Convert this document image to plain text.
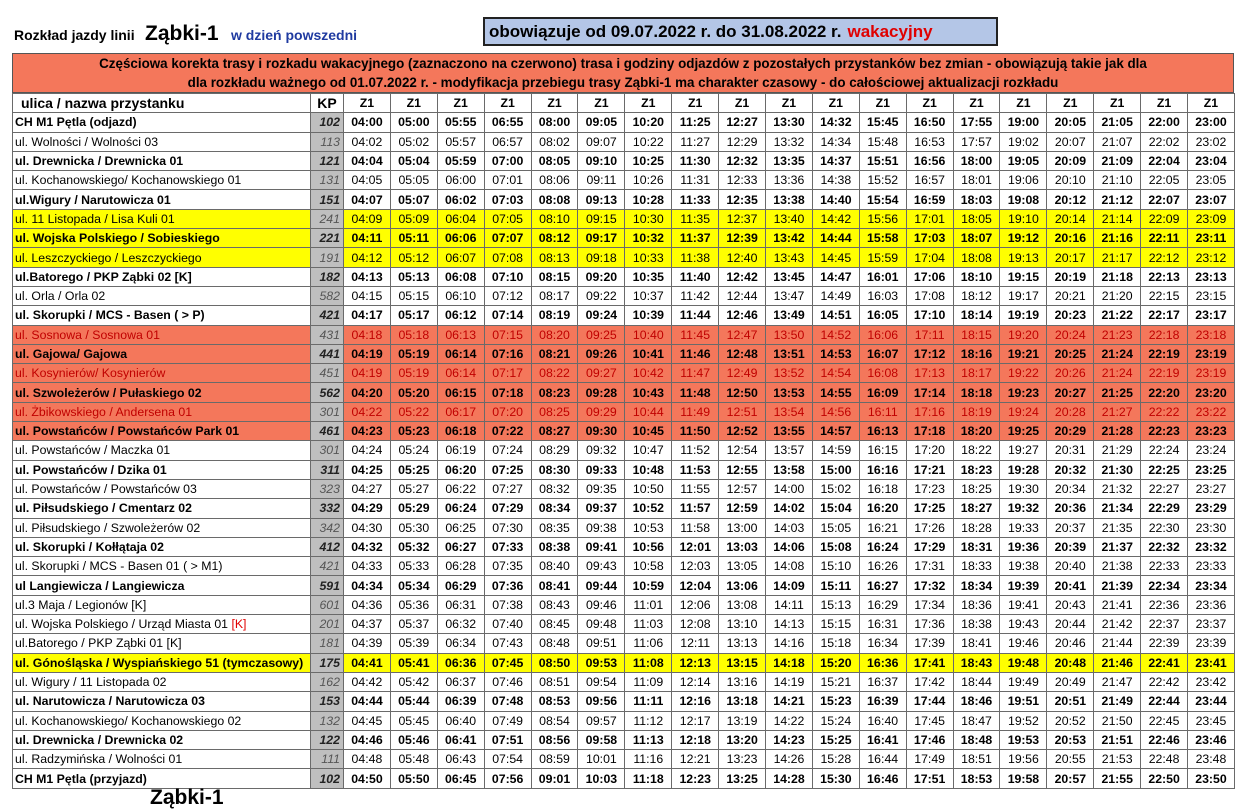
Rozkład jazdy linii Ząbki-1 w dzień powszedni	obowiązuje od 09.07.2022 r. do 31.08.2022 r. wakacyjny
Częściowa korekta trasy i rozkadu wakacyjnego (zaznaczono na czerwono) trasa i godziny odjazdów z pozostałych przystanków bez zmian - obowiązują takie jak dla
dla rozkładu ważnego od 01.07.2022 r. - modyfikacja przebiegu trasy Ząbki-1 ma charakter czasowy - do całościowej aktualizacji rozkładu
ulica / nazwa przystanku	KP	Z1	Z1	Z1	Z1	Z1	Z1	Z1	Z1	Z1	Z1	Z1	Z1	Z1	Z1	Z1	Z1	Z1	Z1	Z1
CH M1 Pętla (odjazd)	102	04:00	05:00	05:55	06:55	08:00	09:05	10:20	11:25	12:27	13:30	14:32	15:45	16:50	17:55	19:00	20:05	21:05	22:00	23:00
ul. Wolności / Wolności 03	113	04:02	05:02	05:57	06:57	08:02	09:07	10:22	11:27	12:29	13:32	14:34	15:48	16:53	17:57	19:02	20:07	21:07	22:02	23:02
ul. Drewnicka / Drewnicka 01	121	04:04	05:04	05:59	07:00	08:05	09:10	10:25	11:30	12:32	13:35	14:37	15:51	16:56	18:00	19:05	20:09	21:09	22:04	23:04
ul. Kochanowskiego/ Kochanowskiego 01	131	04:05	05:05	06:00	07:01	08:06	09:11	10:26	11:31	12:33	13:36	14:38	15:52	16:57	18:01	19:06	20:10	21:10	22:05	23:05
ul.Wigury / Narutowicza 01	151	04:07	05:07	06:02	07:03	08:08	09:13	10:28	11:33	12:35	13:38	14:40	15:54	16:59	18:03	19:08	20:12	21:12	22:07	23:07
ul. 11 Listopada / Lisa Kuli 01	241	04:09	05:09	06:04	07:05	08:10	09:15	10:30	11:35	12:37	13:40	14:42	15:56	17:01	18:05	19:10	20:14	21:14	22:09	23:09
ul. Wojska Polskiego / Sobieskiego	221	04:11	05:11	06:06	07:07	08:12	09:17	10:32	11:37	12:39	13:42	14:44	15:58	17:03	18:07	19:12	20:16	21:16	22:11	23:11
ul. Leszczyckiego / Leszczyckiego	191	04:12	05:12	06:07	07:08	08:13	09:18	10:33	11:38	12:40	13:43	14:45	15:59	17:04	18:08	19:13	20:17	21:17	22:12	23:12
ul.Batorego / PKP Ząbki 02 [K]	182	04:13	05:13	06:08	07:10	08:15	09:20	10:35	11:40	12:42	13:45	14:47	16:01	17:06	18:10	19:15	20:19	21:18	22:13	23:13
ul. Orla / Orla 02	582	04:15	05:15	06:10	07:12	08:17	09:22	10:37	11:42	12:44	13:47	14:49	16:03	17:08	18:12	19:17	20:21	21:20	22:15	23:15
ul. Skorupki / MCS - Basen ( > P)	421	04:17	05:17	06:12	07:14	08:19	09:24	10:39	11:44	12:46	13:49	14:51	16:05	17:10	18:14	19:19	20:23	21:22	22:17	23:17
ul. Sosnowa / Sosnowa 01	431	04:18	05:18	06:13	07:15	08:20	09:25	10:40	11:45	12:47	13:50	14:52	16:06	17:11	18:15	19:20	20:24	21:23	22:18	23:18
ul. Gajowa/ Gajowa	441	04:19	05:19	06:14	07:16	08:21	09:26	10:41	11:46	12:48	13:51	14:53	16:07	17:12	18:16	19:21	20:25	21:24	22:19	23:19
ul. Kosynierów/ Kosynierów	451	04:19	05:19	06:14	07:17	08:22	09:27	10:42	11:47	12:49	13:52	14:54	16:08	17:13	18:17	19:22	20:26	21:24	22:19	23:19
ul. Szwoleżerów / Pułaskiego 02	562	04:20	05:20	06:15	07:18	08:23	09:28	10:43	11:48	12:50	13:53	14:55	16:09	17:14	18:18	19:23	20:27	21:25	22:20	23:20
ul. Żbikowskiego / Andersena 01	301	04:22	05:22	06:17	07:20	08:25	09:29	10:44	11:49	12:51	13:54	14:56	16:11	17:16	18:19	19:24	20:28	21:27	22:22	23:22
ul. Powstańców / Powstańców Park 01	461	04:23	05:23	06:18	07:22	08:27	09:30	10:45	11:50	12:52	13:55	14:57	16:13	17:18	18:20	19:25	20:29	21:28	22:23	23:23
ul. Powstańców / Maczka 01	301	04:24	05:24	06:19	07:24	08:29	09:32	10:47	11:52	12:54	13:57	14:59	16:15	17:20	18:22	19:27	20:31	21:29	22:24	23:24
ul. Powstańców / Dzika 01	311	04:25	05:25	06:20	07:25	08:30	09:33	10:48	11:53	12:55	13:58	15:00	16:16	17:21	18:23	19:28	20:32	21:30	22:25	23:25
ul. Powstańców / Powstańców 03	323	04:27	05:27	06:22	07:27	08:32	09:35	10:50	11:55	12:57	14:00	15:02	16:18	17:23	18:25	19:30	20:34	21:32	22:27	23:27
ul. Piłsudskiego / Cmentarz 02	332	04:29	05:29	06:24	07:29	08:34	09:37	10:52	11:57	12:59	14:02	15:04	16:20	17:25	18:27	19:32	20:36	21:34	22:29	23:29
ul. Piłsudskiego / Szwoleżerów 02	342	04:30	05:30	06:25	07:30	08:35	09:38	10:53	11:58	13:00	14:03	15:05	16:21	17:26	18:28	19:33	20:37	21:35	22:30	23:30
ul. Skorupki / Kołłątaja 02	412	04:32	05:32	06:27	07:33	08:38	09:41	10:56	12:01	13:03	14:06	15:08	16:24	17:29	18:31	19:36	20:39	21:37	22:32	23:32
ul. Skorupki / MCS - Basen 01 ( > M1)	421	04:33	05:33	06:28	07:35	08:40	09:43	10:58	12:03	13:05	14:08	15:10	16:26	17:31	18:33	19:38	20:40	21:38	22:33	23:33
ul Langiewicza / Langiewicza	591	04:34	05:34	06:29	07:36	08:41	09:44	10:59	12:04	13:06	14:09	15:11	16:27	17:32	18:34	19:39	20:41	21:39	22:34	23:34
ul.3 Maja / Legionów [K]	601	04:36	05:36	06:31	07:38	08:43	09:46	11:01	12:06	13:08	14:11	15:13	16:29	17:34	18:36	19:41	20:43	21:41	22:36	23:36
ul. Wojska Polskiego / Urząd Miasta 01 [K]	201	04:37	05:37	06:32	07:40	08:45	09:48	11:03	12:08	13:10	14:13	15:15	16:31	17:36	18:38	19:43	20:44	21:42	22:37	23:37
ul.Batorego / PKP Ząbki 01 [K]	181	04:39	05:39	06:34	07:43	08:48	09:51	11:06	12:11	13:13	14:16	15:18	16:34	17:39	18:41	19:46	20:46	21:44	22:39	23:39
ul. Gónośląska / Wyspiańskiego 51 (tymczasowy)	175	04:41	05:41	06:36	07:45	08:50	09:53	11:08	12:13	13:15	14:18	15:20	16:36	17:41	18:43	19:48	20:48	21:46	22:41	23:41
ul. Wigury / 11 Listopada 02	162	04:42	05:42	06:37	07:46	08:51	09:54	11:09	12:14	13:16	14:19	15:21	16:37	17:42	18:44	19:49	20:49	21:47	22:42	23:42
ul. Narutowicza / Narutowicza 03	153	04:44	05:44	06:39	07:48	08:53	09:56	11:11	12:16	13:18	14:21	15:23	16:39	17:44	18:46	19:51	20:51	21:49	22:44	23:44
ul. Kochanowskiego/ Kochanowskiego 02	132	04:45	05:45	06:40	07:49	08:54	09:57	11:12	12:17	13:19	14:22	15:24	16:40	17:45	18:47	19:52	20:52	21:50	22:45	23:45
ul. Drewnicka / Drewnicka 02	122	04:46	05:46	06:41	07:51	08:56	09:58	11:13	12:18	13:20	14:23	15:25	16:41	17:46	18:48	19:53	20:53	21:51	22:46	23:46
ul. Radzymińska / Wolności 01	111	04:48	05:48	06:43	07:54	08:59	10:01	11:16	12:21	13:23	14:26	15:28	16:44	17:49	18:51	19:56	20:55	21:53	22:48	23:48
CH M1 Pętla (przyjazd)	102	04:50	05:50	06:45	07:56	09:01	10:03	11:18	12:23	13:25	14:28	15:30	16:46	17:51	18:53	19:58	20:57	21:55	22:50	23:50
Ząbki-1
